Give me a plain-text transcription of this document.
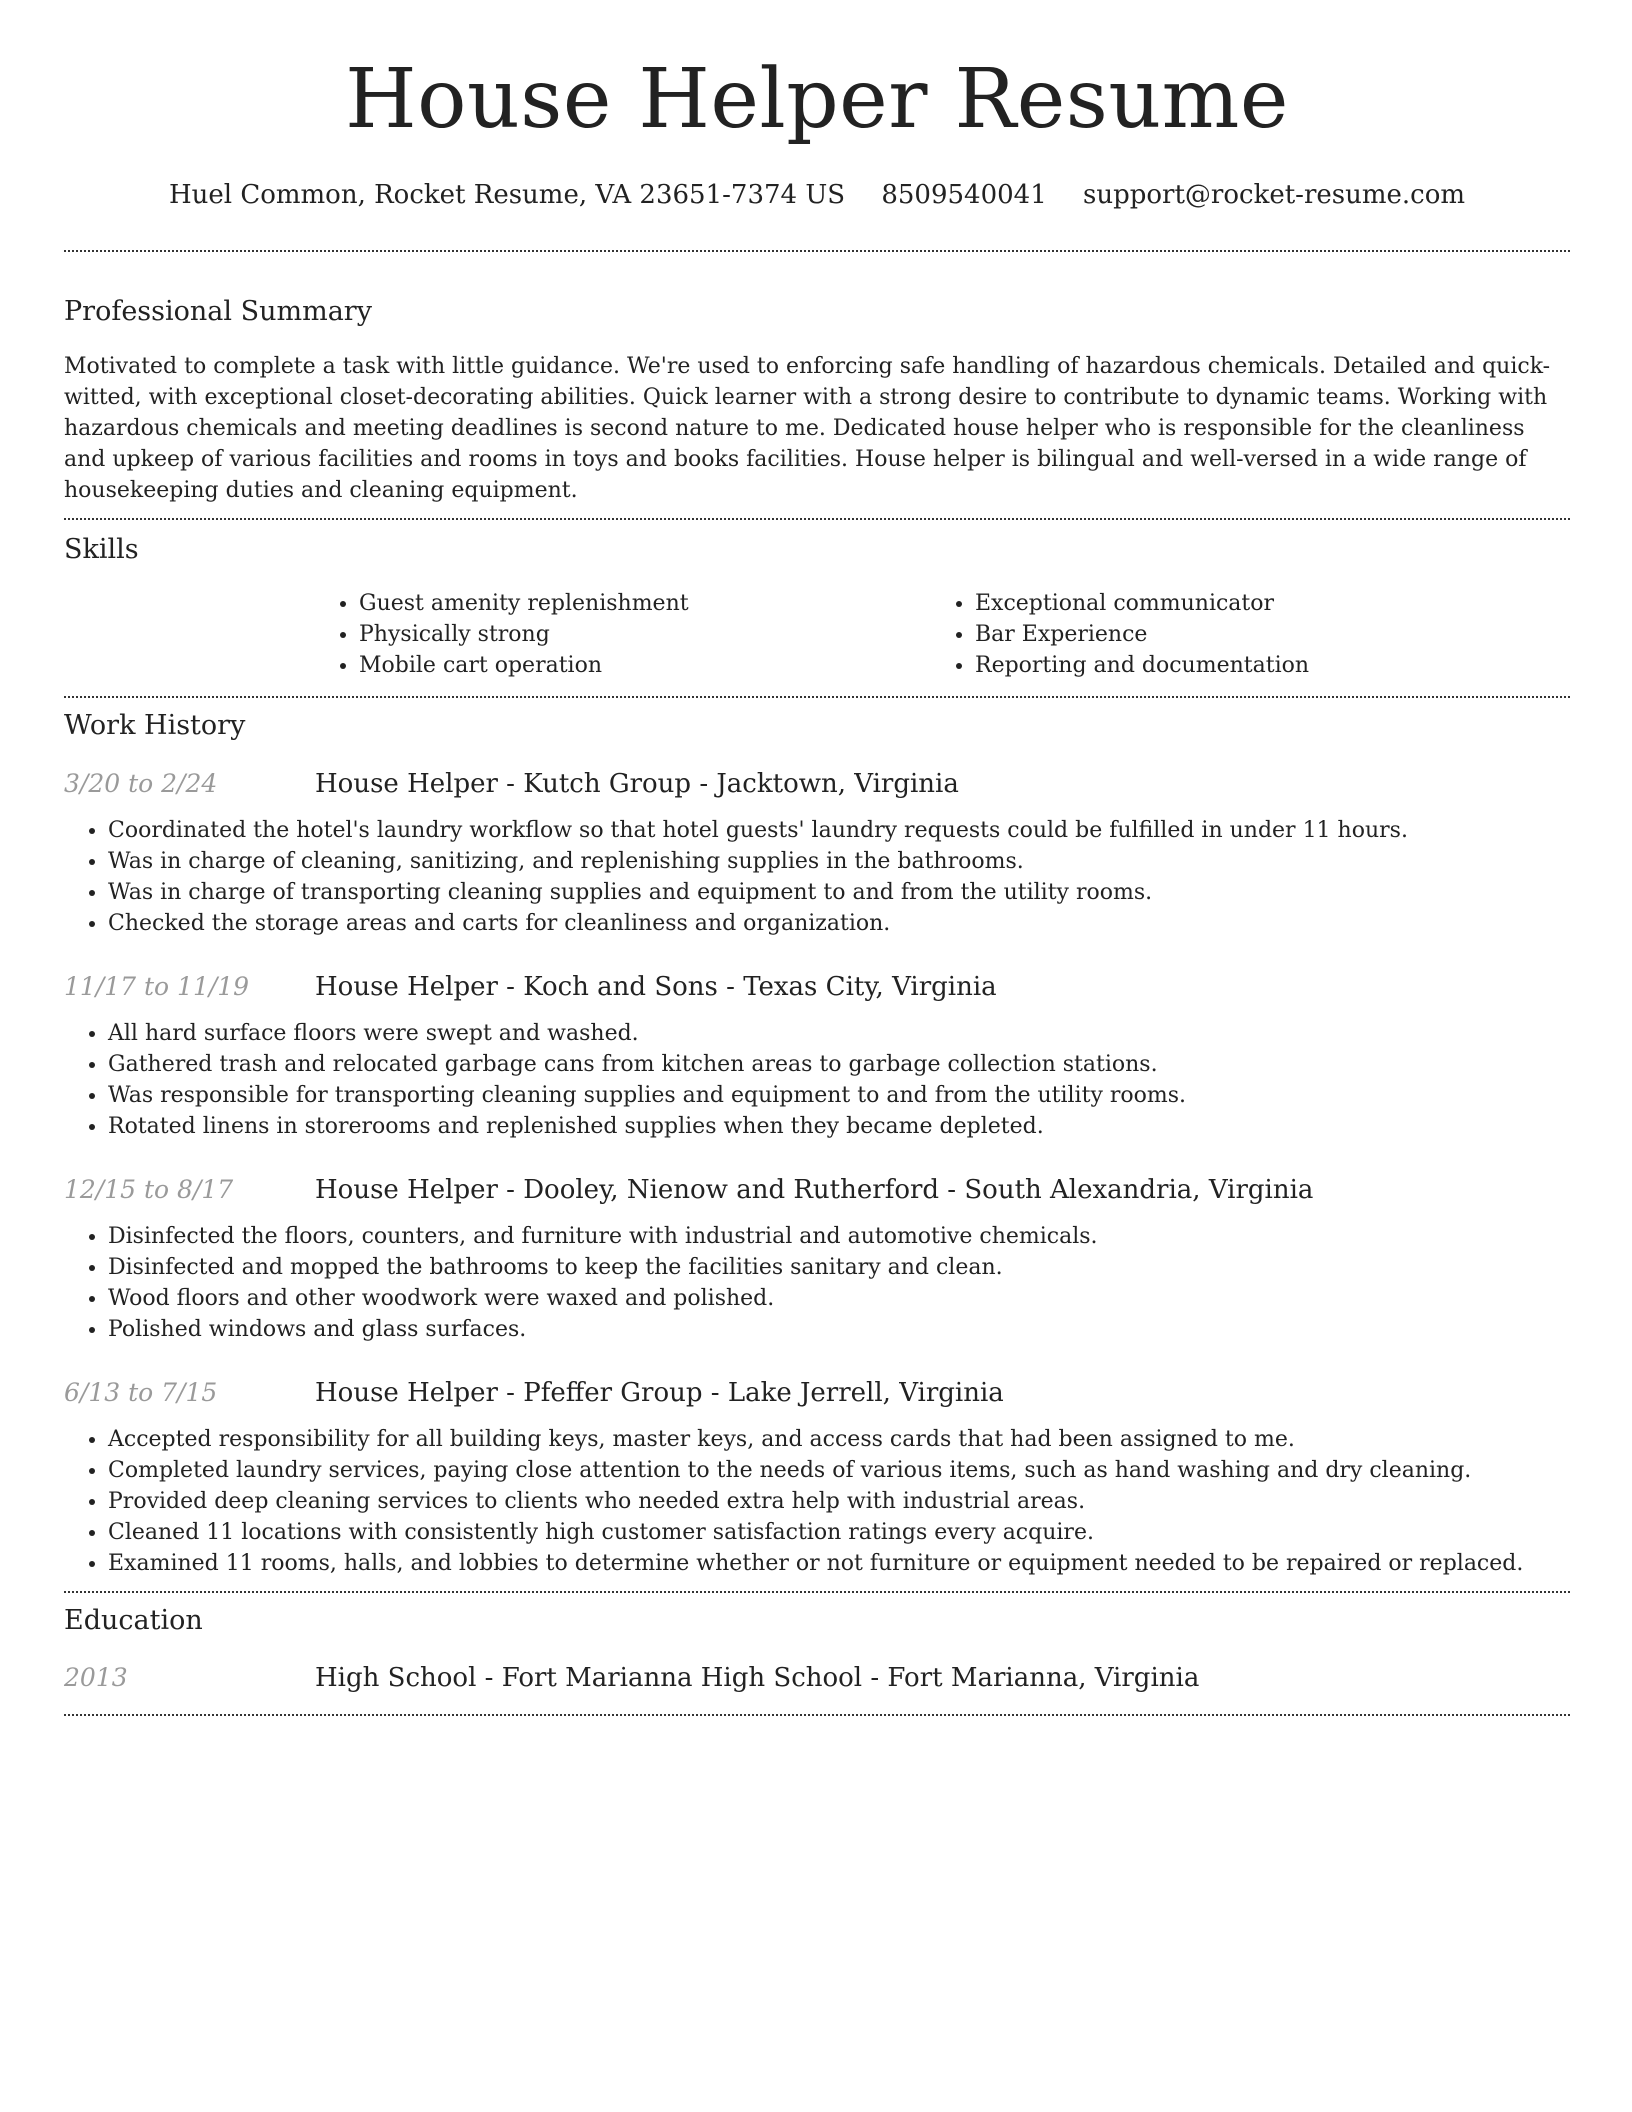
House Helper Resume
Huel Common, Rocket Resume, VA 23651-7374 US 8509540041 support@rocket-resume.com
Professional Summary

Motivated to complete a task with little guidance. We're used to enforcing safe handling of hazardous chemicals. Detailed and quick-witted, with exceptional closet-decorating abilities. Quick learner with a strong desire to contribute to dynamic teams. Working with hazardous chemicals and meeting deadlines is second nature to me. Dedicated house helper who is responsible for the cleanliness and upkeep of various facilities and rooms in toys and books facilities. House helper is bilingual and well-versed in a wide range of housekeeping duties and cleaning equipment.

Skills
• Guest amenity replenishment
• Physically strong
• Mobile cart operation
• Exceptional communicator
• Bar Experience
• Reporting and documentation
Work History
3/20 to 2/24	House Helper - Kutch Group - Jacktown, Virginia
• Coordinated the hotel's laundry workflow so that hotel guests' laundry requests could be fulfilled in under 11 hours.
• Was in charge of cleaning, sanitizing, and replenishing supplies in the bathrooms.
• Was in charge of transporting cleaning supplies and equipment to and from the utility rooms.
• Checked the storage areas and carts for cleanliness and organization.
11/17 to 11/19	House Helper - Koch and Sons - Texas City, Virginia
• All hard surface floors were swept and washed.
• Gathered trash and relocated garbage cans from kitchen areas to garbage collection stations.
• Was responsible for transporting cleaning supplies and equipment to and from the utility rooms.
• Rotated linens in storerooms and replenished supplies when they became depleted.
12/15 to 8/17	House Helper - Dooley, Nienow and Rutherford - South Alexandria, Virginia
• Disinfected the floors, counters, and furniture with industrial and automotive chemicals.
• Disinfected and mopped the bathrooms to keep the facilities sanitary and clean.
• Wood floors and other woodwork were waxed and polished.
• Polished windows and glass surfaces.
6/13 to 7/15	House Helper - Pfeffer Group - Lake Jerrell, Virginia
• Accepted responsibility for all building keys, master keys, and access cards that had been assigned to me.
• Completed laundry services, paying close attention to the needs of various items, such as hand washing and dry cleaning.
• Provided deep cleaning services to clients who needed extra help with industrial areas.
• Cleaned 11 locations with consistently high customer satisfaction ratings every acquire.
• Examined 11 rooms, halls, and lobbies to determine whether or not furniture or equipment needed to be repaired or replaced.
Education
2013	High School - Fort Marianna High School - Fort Marianna, Virginia
